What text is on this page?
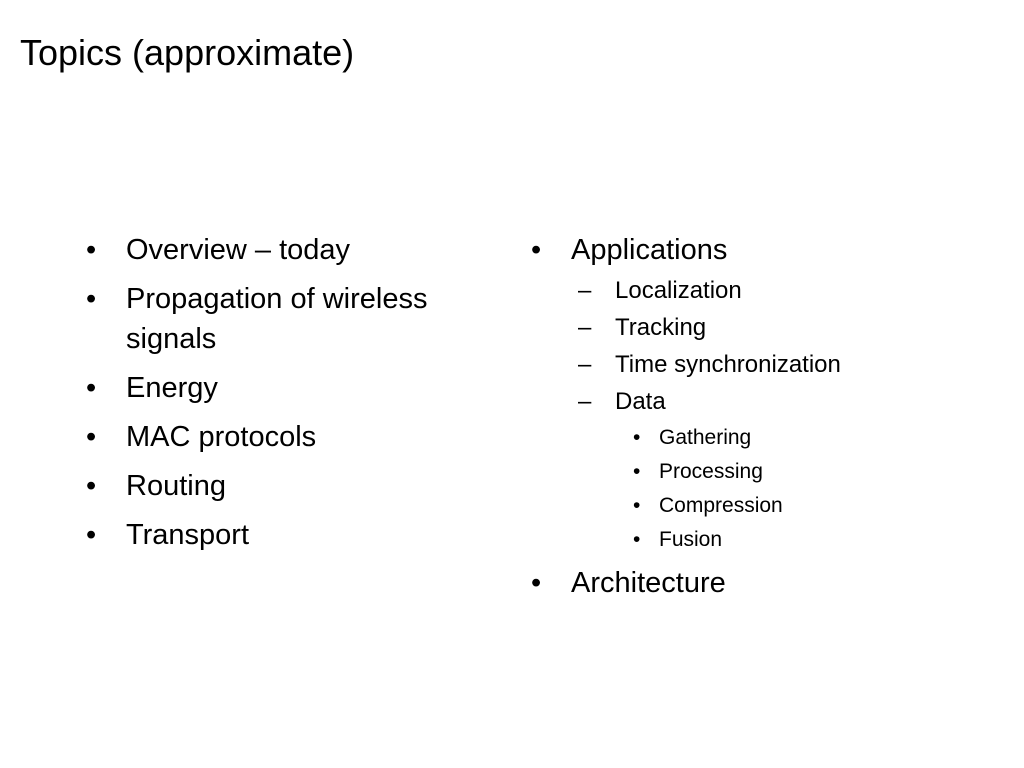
Topics (approximate)
• Overview – today
• Propagation of wireless signals
• Energy
• MAC protocols
• Routing
• Transport
• Applications
– Localization
– Tracking
– Time synchronization
– Data
• Gathering
• Processing
• Compression
• Fusion
• Architecture
